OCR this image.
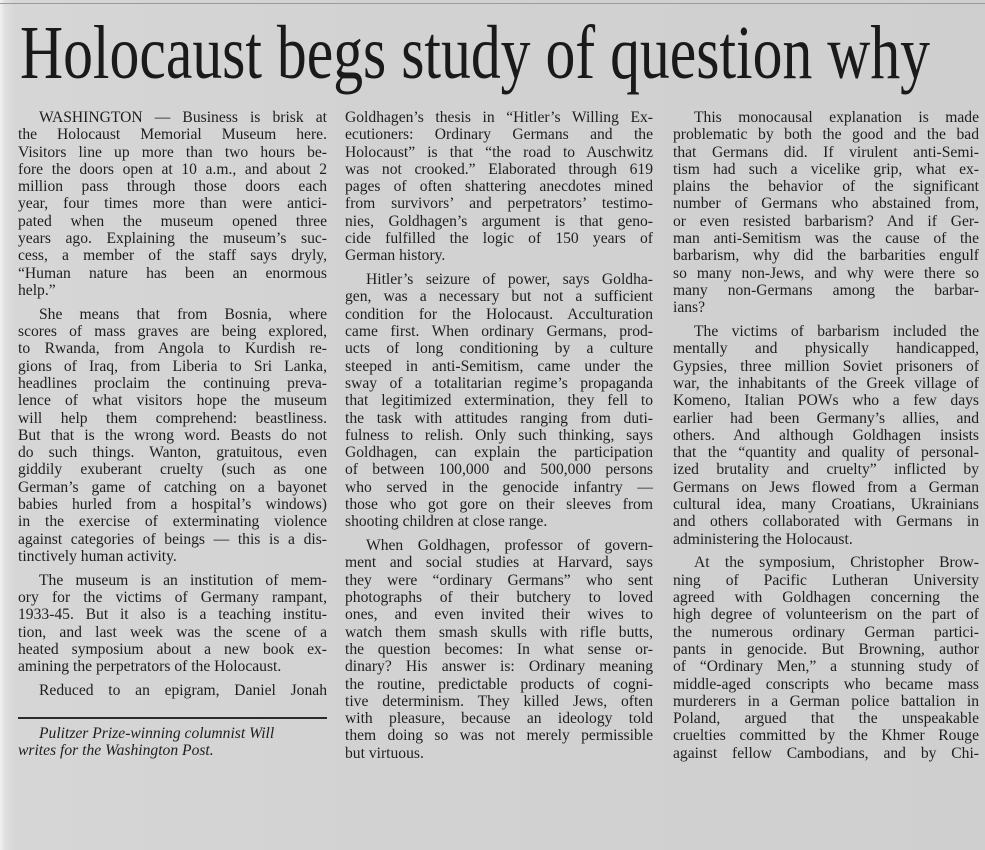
Holocaust begs study of question why
WASHINGTON — Business is brisk at
the Holocaust Memorial Museum here.
Visitors line up more than two hours be-
fore the doors open at 10 a.m., and about 2
million pass through those doors each
year, four times more than were antici-
pated when the museum opened three
years ago. Explaining the museum’s suc-
cess, a member of the staff says dryly,
“Human nature has been an enormous
help.”
She means that from Bosnia, where
scores of mass graves are being explored,
to Rwanda, from Angola to Kurdish re-
gions of Iraq, from Liberia to Sri Lanka,
headlines proclaim the continuing preva-
lence of what visitors hope the museum
will help them comprehend: beastliness.
But that is the wrong word. Beasts do not
do such things. Wanton, gratuitous, even
giddily exuberant cruelty (such as one
German’s game of catching on a bayonet
babies hurled from a hospital’s windows)
in the exercise of exterminating violence
against categories of beings — this is a dis-
tinctively human activity.
The museum is an institution of mem-
ory for the victims of Germany rampant,
1933-45. But it also is a teaching institu-
tion, and last week was the scene of a
heated symposium about a new book ex-
amining the perpetrators of the Holocaust.
Reduced to an epigram, Daniel Jonah
Goldhagen’s thesis in “Hitler’s Willing Ex-
ecutioners: Ordinary Germans and the
Holocaust” is that “the road to Auschwitz
was not crooked.” Elaborated through 619
pages of often shattering anecdotes mined
from survivors’ and perpetrators’ testimo-
nies, Goldhagen’s argument is that geno-
cide fulfilled the logic of 150 years of
German history.
Hitler’s seizure of power, says Goldha-
gen, was a necessary but not a sufficient
condition for the Holocaust. Acculturation
came first. When ordinary Germans, prod-
ucts of long conditioning by a culture
steeped in anti-Semitism, came under the
sway of a totalitarian regime’s propaganda
that legitimized extermination, they fell to
the task with attitudes ranging from duti-
fulness to relish. Only such thinking, says
Goldhagen, can explain the participation
of between 100,000 and 500,000 persons
who served in the genocide infantry —
those who got gore on their sleeves from
shooting children at close range.
When Goldhagen, professor of govern-
ment and social studies at Harvard, says
they were “ordinary Germans” who sent
photographs of their butchery to loved
ones, and even invited their wives to
watch them smash skulls with rifle butts,
the question becomes: In what sense or-
dinary? His answer is: Ordinary meaning
the routine, predictable products of cogni-
tive determinism. They killed Jews, often
with pleasure, because an ideology told
them doing so was not merely permissible
but virtuous.
This monocausal explanation is made
problematic by both the good and the bad
that Germans did. If virulent anti-Semi-
tism had such a vicelike grip, what ex-
plains the behavior of the significant
number of Germans who abstained from,
or even resisted barbarism? And if Ger-
man anti-Semitism was the cause of the
barbarism, why did the barbarities engulf
so many non-Jews, and why were there so
many non-Germans among the barbar-
ians?
The victims of barbarism included the
mentally and physically handicapped,
Gypsies, three million Soviet prisoners of
war, the inhabitants of the Greek village of
Komeno, Italian POWs who a few days
earlier had been Germany’s allies, and
others. And although Goldhagen insists
that the “quantity and quality of personal-
ized brutality and cruelty” inflicted by
Germans on Jews flowed from a German
cultural idea, many Croatians, Ukrainians
and others collaborated with Germans in
administering the Holocaust.
At the symposium, Christopher Brow-
ning of Pacific Lutheran University
agreed with Goldhagen concerning the
high degree of volunteerism on the part of
the numerous ordinary German partici-
pants in genocide. But Browning, author
of “Ordinary Men,” a stunning study of
middle-aged conscripts who became mass
murderers in a German police battalion in
Poland, argued that the unspeakable
cruelties committed by the Khmer Rouge
against fellow Cambodians, and by Chi-
Pulitzer Prize-winning columnist Will
writes for the Washington Post.
